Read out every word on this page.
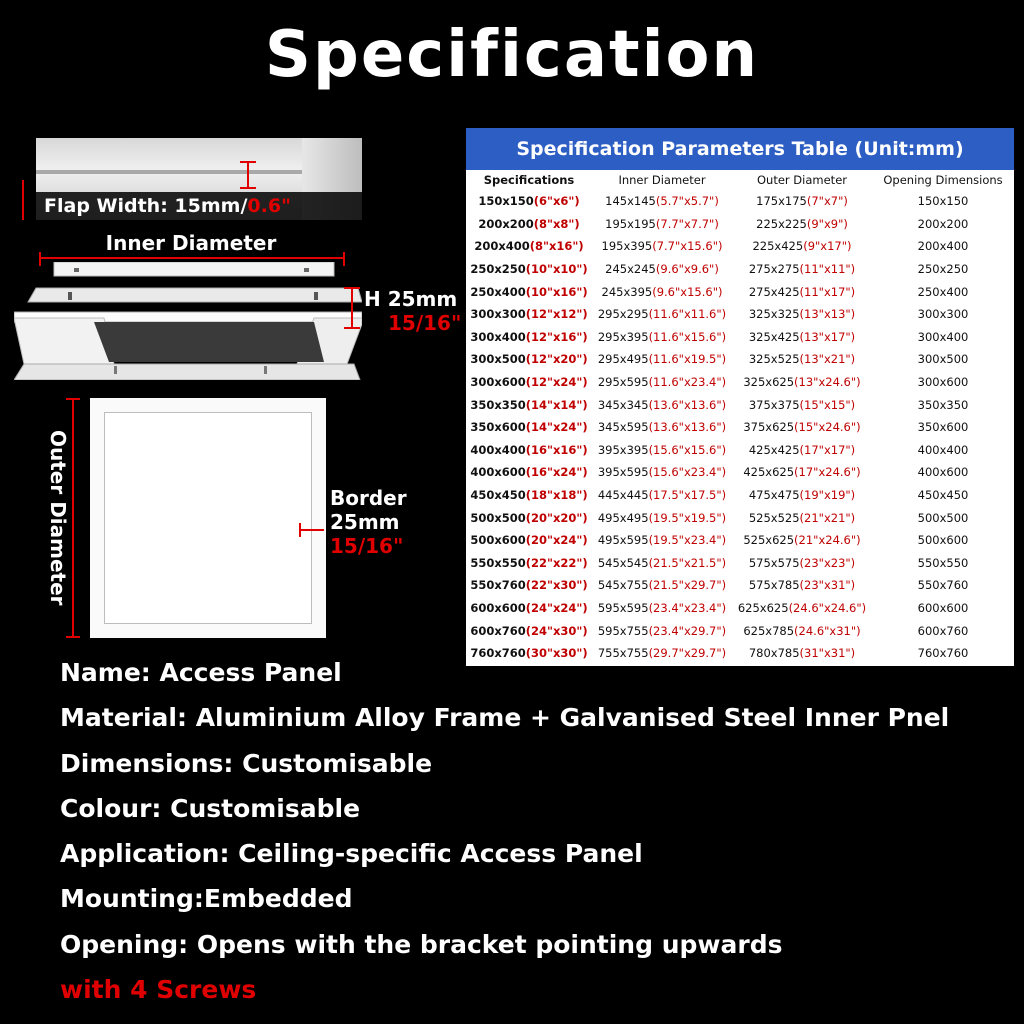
Specification
Flap Width: 15mm/0.6"
Inner Diameter
H 25mm
15/16"
Outer Diameter	Border
25mm
15/16"
Specification Parameters Table (Unit:mm)
Specifications	Inner Diameter	Outer Diameter	Opening Dimensions
150x150(6"x6")	145x145(5.7"x5.7")	175x175(7"x7")	150x150
200x200(8"x8")	195x195(7.7"x7.7")	225x225(9"x9")	200x200
200x400(8"x16")	195x395(7.7"x15.6")	225x425(9"x17")	200x400
250x250(10"x10")	245x245(9.6"x9.6")	275x275(11"x11")	250x250
250x400(10"x16")	245x395(9.6"x15.6")	275x425(11"x17")	250x400
300x300(12"x12")	295x295(11.6"x11.6")	325x325(13"x13")	300x300
300x400(12"x16")	295x395(11.6"x15.6")	325x425(13"x17")	300x400
300x500(12"x20")	295x495(11.6"x19.5")	325x525(13"x21")	300x500
300x600(12"x24")	295x595(11.6"x23.4")	325x625(13"x24.6")	300x600
350x350(14"x14")	345x345(13.6"x13.6")	375x375(15"x15")	350x350
350x600(14"x24")	345x595(13.6"x13.6")	375x625(15"x24.6")	350x600
400x400(16"x16")	395x395(15.6"x15.6")	425x425(17"x17")	400x400
400x600(16"x24")	395x595(15.6"x23.4")	425x625(17"x24.6")	400x600
450x450(18"x18")	445x445(17.5"x17.5")	475x475(19"x19")	450x450
500x500(20"x20")	495x495(19.5"x19.5")	525x525(21"x21")	500x500
500x600(20"x24")	495x595(19.5"x23.4")	525x625(21"x24.6")	500x600
550x550(22"x22")	545x545(21.5"x21.5")	575x575(23"x23")	550x550
550x760(22"x30")	545x755(21.5"x29.7")	575x785(23"x31")	550x760
600x600(24"x24")	595x595(23.4"x23.4")	625x625(24.6"x24.6")	600x600
600x760(24"x30")	595x755(23.4"x29.7")	625x785(24.6"x31")	600x760
760x760(30"x30")	755x755(29.7"x29.7")	780x785(31"x31")	760x760
Name: Access Panel
Material: Aluminium Alloy Frame + Galvanised Steel Inner Pnel
Dimensions: Customisable
Colour: Customisable
Application: Ceiling-specific Access Panel
Mounting:Embedded
Opening: Opens with the bracket pointing upwards
with 4 Screws
